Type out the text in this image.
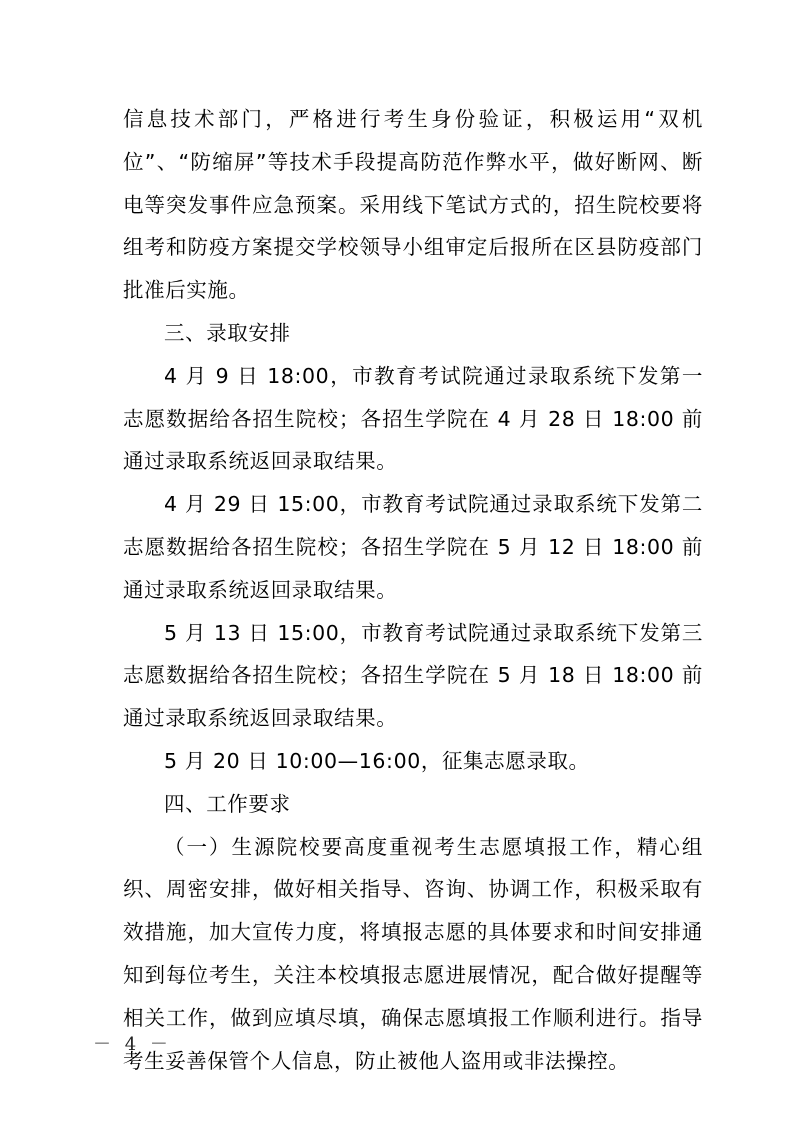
信息技术部门，严格进行考生身份验证，积极运用“双机位”、“防缩屏”等技术手段提高防范作弊水平，做好断网、断电等突发事件应急预案。采用线下笔试方式的，招生院校要将组考和防疫方案提交学校领导小组审定后报所在区县防疫部门批准后实施。

三、录取安排

4 月 9 日 18:00，市教育考试院通过录取系统下发第一志愿数据给各招生院校；各招生学院在 4 月 28 日 18:00 前通过录取系统返回录取结果。

4 月 29 日 15:00，市教育考试院通过录取系统下发第二志愿数据给各招生院校；各招生学院在 5 月 12 日 18:00 前通过录取系统返回录取结果。

5 月 13 日 15:00，市教育考试院通过录取系统下发第三志愿数据给各招生院校；各招生学院在 5 月 18 日 18:00 前通过录取系统返回录取结果。

5 月 20 日 10:00—16:00，征集志愿录取。

四、工作要求

（一）生源院校要高度重视考生志愿填报工作，精心组织、周密安排，做好相关指导、咨询、协调工作，积极采取有效措施，加大宣传力度，将填报志愿的具体要求和时间安排通知到每位考生，关注本校填报志愿进展情况，配合做好提醒等相关工作，做到应填尽填，确保志愿填报工作顺利进行。指导考生妥善保管个人信息，防止被他人盗用或非法操控。

－ 4 －
